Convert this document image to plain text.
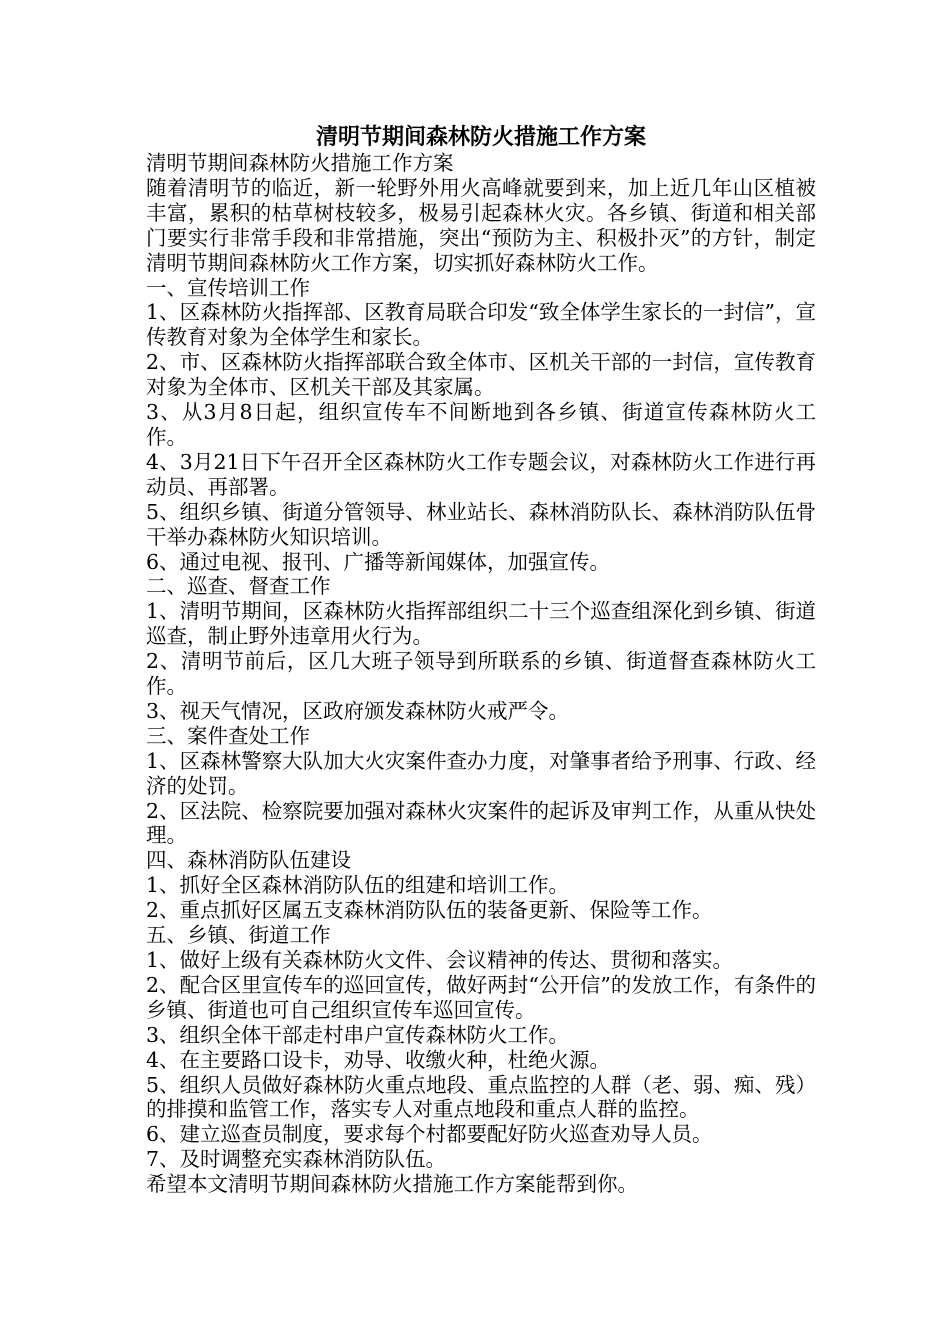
清明节期间森林防火措施工作方案

清明节期间森林防火措施工作方案

随着清明节的临近，新一轮野外用火高峰就要到来，加上近几年山区植被丰富，累积的枯草树枝较多，极易引起森林火灾。各乡镇、街道和相关部门要实行非常手段和非常措施，突出“预防为主、积极扑灭”的方针，制定清明节期间森林防火工作方案，切实抓好森林防火工作。

一、宣传培训工作

1、区森林防火指挥部、区教育局联合印发“致全体学生家长的一封信”，宣传教育对象为全体学生和家长。

2、市、区森林防火指挥部联合致全体市、区机关干部的一封信，宣传教育对象为全体市、区机关干部及其家属。

3、从3月8日起，组织宣传车不间断地到各乡镇、街道宣传森林防火工作。

4、3月21日下午召开全区森林防火工作专题会议，对森林防火工作进行再动员、再部署。

5、组织乡镇、街道分管领导、林业站长、森林消防队长、森林消防队伍骨干举办森林防火知识培训。

6、通过电视、报刊、广播等新闻媒体，加强宣传。

二、巡查、督查工作

1、清明节期间，区森林防火指挥部组织二十三个巡查组深化到乡镇、街道巡查，制止野外违章用火行为。

2、清明节前后，区几大班子领导到所联系的乡镇、街道督查森林防火工作。

3、视天气情况，区政府颁发森林防火戒严令。

三、案件查处工作

1、区森林警察大队加大火灾案件查办力度，对肇事者给予刑事、行政、经济的处罚。

2、区法院、检察院要加强对森林火灾案件的起诉及审判工作，从重从快处理。

四、森林消防队伍建设

1、抓好全区森林消防队伍的组建和培训工作。

2、重点抓好区属五支森林消防队伍的装备更新、保险等工作。

五、乡镇、街道工作

1、做好上级有关森林防火文件、会议精神的传达、贯彻和落实。

2、配合区里宣传车的巡回宣传，做好两封“公开信”的发放工作，有条件的乡镇、街道也可自己组织宣传车巡回宣传。

3、组织全体干部走村串户宣传森林防火工作。

4、在主要路口设卡，劝导、收缴火种，杜绝火源。

5、组织人员做好森林防火重点地段、重点监控的人群（老、弱、痴、残）的排摸和监管工作，落实专人对重点地段和重点人群的监控。

6、建立巡查员制度，要求每个村都要配好防火巡查劝导人员。

7、及时调整充实森林消防队伍。

希望本文清明节期间森林防火措施工作方案能帮到你。
